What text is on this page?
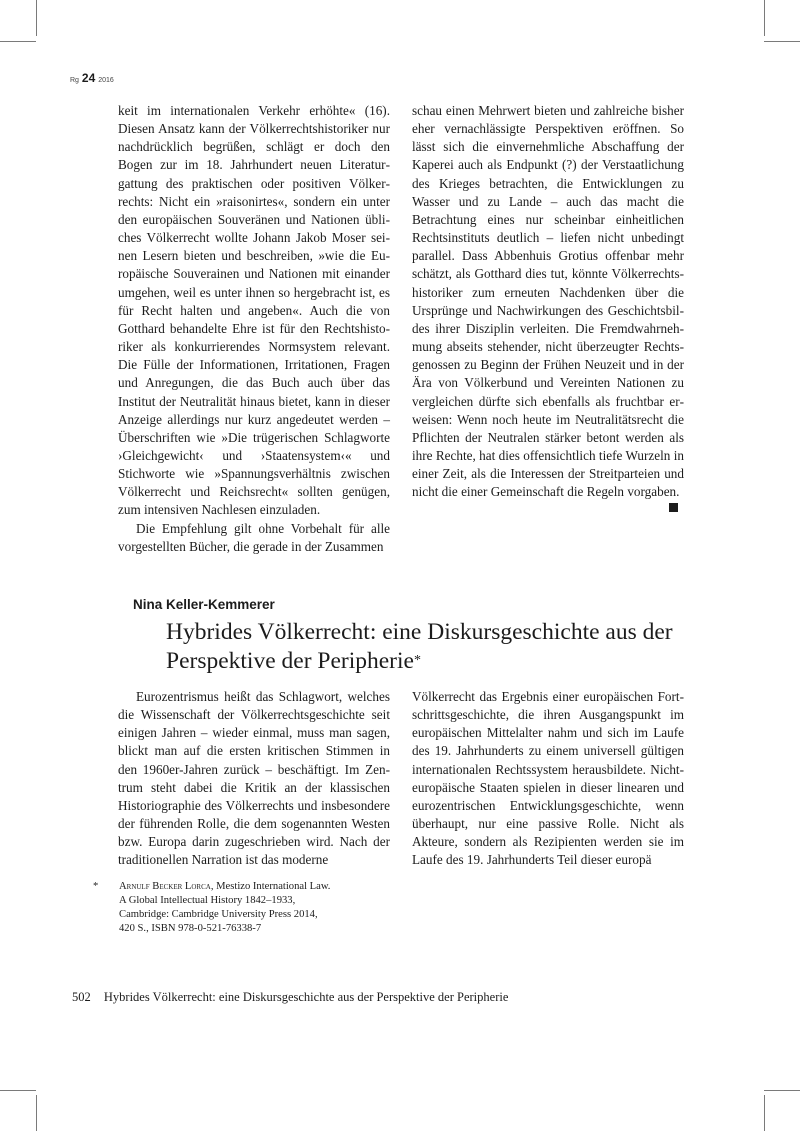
Rg 24 2016

keit im internationalen Verkehr erhöhte« (16). Diesen Ansatz kann der Völkerrechtshistoriker nur nachdrücklich begrüßen, schlägt er doch den Bogen zur im 18. Jahrhundert neuen Literaturgattung des praktischen oder positiven Völkerrechts: Nicht ein »raisonirtes«, sondern ein unter den europäischen Souveränen und Nationen übliches Völkerrecht wollte Johann Jakob Moser seinen Lesern bieten und beschreiben, »wie die Europäische Souverainen und Nationen mit einander umgehen, weil es unter ihnen so hergebracht ist, es für Recht halten und angeben«. Auch die von Gotthard behandelte Ehre ist für den Rechtshistoriker als konkurrierendes Normsystem relevant. Die Fülle der Informationen, Irritationen, Fragen und Anregungen, die das Buch auch über das Institut der Neutralität hinaus bietet, kann in dieser Anzeige allerdings nur kurz angedeutet werden – Überschriften wie »Die trügerischen Schlagworte ›Gleichgewicht‹ und ›Staatensystem‹« und Stichworte wie »Spannungsverhältnis zwischen Völkerrecht und Reichsrecht« sollten genügen, zum intensiven Nachlesen einzuladen.

Die Empfehlung gilt ohne Vorbehalt für alle vorgestellten Bücher, die gerade in der Zusammen

schau einen Mehrwert bieten und zahlreiche bisher eher vernachlässigte Perspektiven eröffnen. So lässt sich die einvernehmliche Abschaffung der Kaperei auch als Endpunkt (?) der Verstaatlichung des Krieges betrachten, die Entwicklungen zu Wasser und zu Lande – auch das macht die Betrachtung eines nur scheinbar einheitlichen Rechtsinstituts deutlich – liefen nicht unbedingt parallel. Dass Abbenhuis Grotius offenbar mehr schätzt, als Gotthard dies tut, könnte Völkerrechtshistoriker zum erneuten Nachdenken über die Ursprünge und Nachwirkungen des Geschichtsbildes ihrer Disziplin verleiten. Die Fremdwahrnehmung abseits stehender, nicht überzeugter Rechtsgenossen zu Beginn der Frühen Neuzeit und in der Ära von Völkerbund und Vereinten Nationen zu vergleichen dürfte sich ebenfalls als fruchtbar erweisen: Wenn noch heute im Neutralitätsrecht die Pflichten der Neutralen stärker betont werden als ihre Rechte, hat dies offensichtlich tiefe Wurzeln in einer Zeit, als die Interessen der Streitparteien und nicht die einer Gemeinschaft die Regeln vorgaben.

Nina Keller-Kemmerer
Hybrides Völkerrecht: eine Diskursgeschichte aus der Perspektive der Peripherie*

Eurozentrismus heißt das Schlagwort, welches die Wissenschaft der Völkerrechtsgeschichte seit einigen Jahren – wieder einmal, muss man sagen, blickt man auf die ersten kritischen Stimmen in den 1960er-Jahren zurück – beschäftigt. Im Zentrum steht dabei die Kritik an der klassischen Historiographie des Völkerrechts und insbesondere der führenden Rolle, die dem sogenannten Westen bzw. Europa darin zugeschrieben wird. Nach der traditionellen Narration ist das moderne

Völkerrecht das Ergebnis einer europäischen Fortschrittsgeschichte, die ihren Ausgangspunkt im europäischen Mittelalter nahm und sich im Laufe des 19. Jahrhunderts zu einem universell gültigen internationalen Rechtssystem herausbildete. Nicht-europäische Staaten spielen in dieser linearen und eurozentrischen Entwicklungsgeschichte, wenn überhaupt, nur eine passive Rolle. Nicht als Akteure, sondern als Rezipienten werden sie im Laufe des 19. Jahrhunderts Teil dieser europä

* Arnulf Becker Lorca, Mestizo International Law. A Global Intellectual History 1842–1933, Cambridge: Cambridge University Press 2014, 420 S., ISBN 978-0-521-76338-7
502 Hybrides Völkerrecht: eine Diskursgeschichte aus der Perspektive der Peripherie
